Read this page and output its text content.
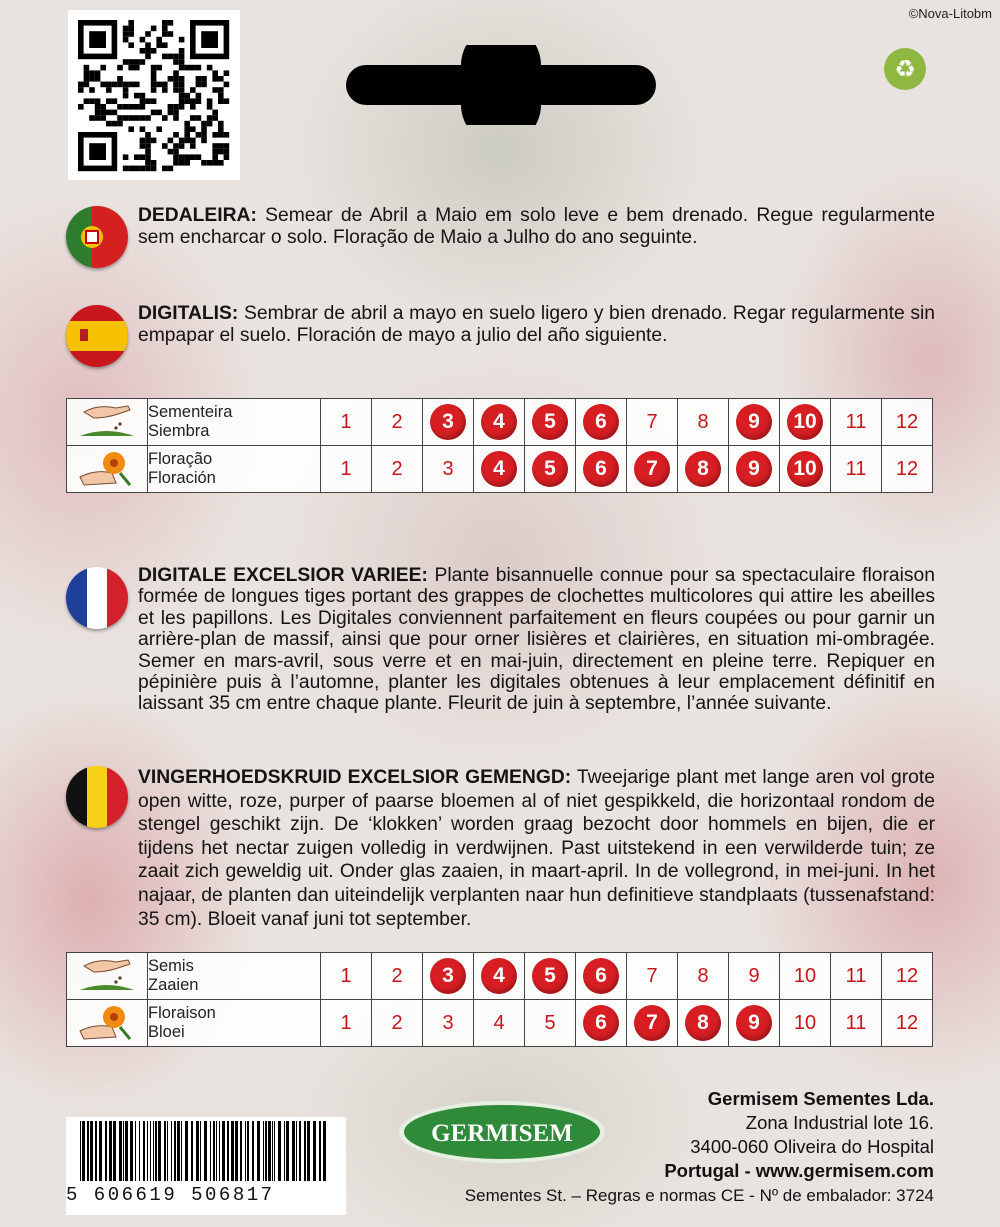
©Nova-Litobm
♻
DEDALEIRA: Semear de Abril a Maio em solo leve e bem drenado. Regue regularmente sem encharcar o solo. Floração de Maio a Julho do ano seguinte.
DIGITALIS: Sembrar de abril a mayo en suelo ligero y bien drenado. Regar regularmente sin empapar el suelo. Floración de mayo a julio del año siguiente.

Sementeira
Siembra	1	2	3	4	5	6	7	8	9	10	11	12

Floração
Floración	1	2	3	4	5	6	7	8	9	10	11	12
DIGITALE EXCELSIOR VARIEE: Plante bisannuelle connue pour sa spectaculaire floraison formée de longues tiges portant des grappes de clochettes multicolores qui attire les abeilles et les papillons. Les Digitales conviennent parfaitement en fleurs coupées ou pour garnir un arrière-plan de massif, ainsi que pour orner lisières et clairières, en situation mi-ombragée. Semer en mars-avril, sous verre et en mai-juin, directement en pleine terre. Repiquer en pépinière puis à l’automne, planter les digitales obtenues à leur emplacement définitif en laissant 35 cm entre chaque plante. Fleurit de juin à septembre, l’année suivante.
VINGERHOEDSKRUID EXCELSIOR GEMENGD: Tweejarige plant met lange aren vol grote open witte, roze, purper of paarse bloemen al of niet gespikkeld, die horizontaal rondom de stengel geschikt zijn. De ‘klokken’ worden graag bezocht door hommels en bijen, die er tijdens het nectar zuigen volledig in verdwijnen. Past uitstekend in een verwilderde tuin; ze zaait zich geweldig uit. Onder glas zaaien, in maart-april. In de vollegrond, in mei-juni. In het najaar, de planten dan uiteindelijk verplanten naar hun definitieve standplaats (tussenafstand: 35 cm). Bloeit vanaf juni tot september.

Semis
Zaaien	1	2	3	4	5	6	7	8	9	10	11	12

Floraison
Bloei	1	2	3	4	5	6	7	8	9	10	11	12
5 606619 506817
GERMISEM
Germisem Sementes Lda.
Zona Industrial lote 16.
3400-060 Oliveira do Hospital
Portugal - www.germisem.com
Sementes St. – Regras e normas CE - Nº de embalador: 3724
